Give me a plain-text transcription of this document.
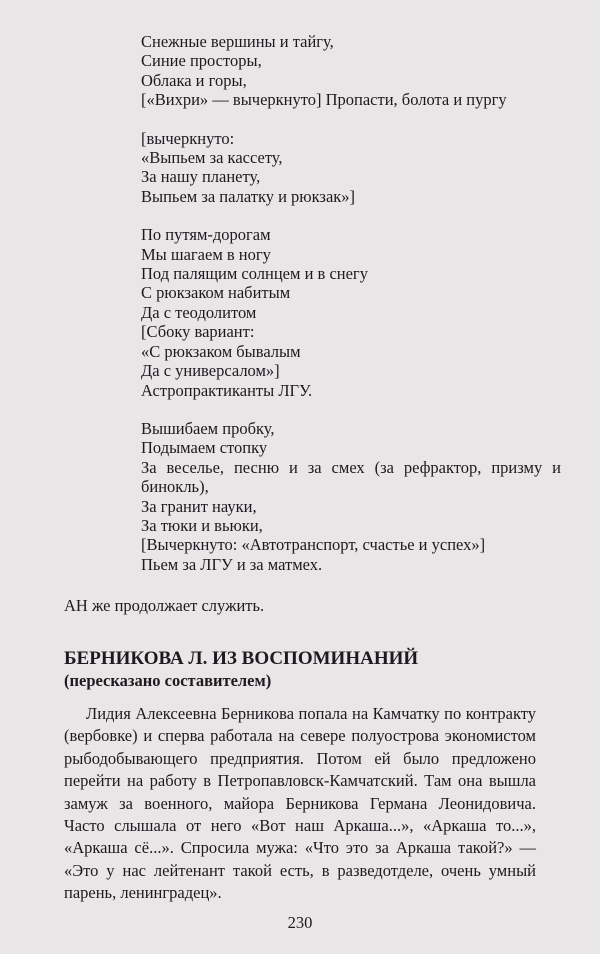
Снежные вершины и тайгу,
Синие просторы,
Облака и горы,
[«Вихри» — вычеркнуто] Пропасти, болота и пургу
[вычеркнуто:
«Выпьем за кассету,
За нашу планету,
Выпьем за палатку и рюкзак»]
По путям-дорогам
Мы шагаем в ногу
Под палящим солнцем и в снегу
С рюкзаком набитым
Да с теодолитом
[Сбоку вариант:
«С рюкзаком бывалым
Да с универсалом»]
Астропрактиканты ЛГУ.
Вышибаем пробку,
Подымаем стопку
За веселье, песню и за смех (за рефрактор, призму и бинокль),
За гранит науки,
За тюки и вьюки,
[Вычеркнуто: «Автотранспорт, счастье и успех»]
Пьем за ЛГУ и за матмех.
АН же продолжает служить.
БЕРНИКОВА Л. ИЗ ВОСПОМИНАНИЙ
(пересказано составителем)
Лидия Алексеевна Берникова попала на Камчатку по контракту (вербовке) и сперва работала на севере полуострова экономистом рыбодобывающего предприятия. Потом ей было предложено перейти на работу в Петропавловск-Камчатский. Там она вышла замуж за военного, майора Берникова Германа Леонидовича. Часто слышала от него «Вот наш Аркаша...», «Аркаша то...», «Аркаша сё...». Спросила мужа: «Что это за Аркаша такой?» — «Это у нас лейтенант такой есть, в разведотделе, очень умный парень, ленинградец».
230
